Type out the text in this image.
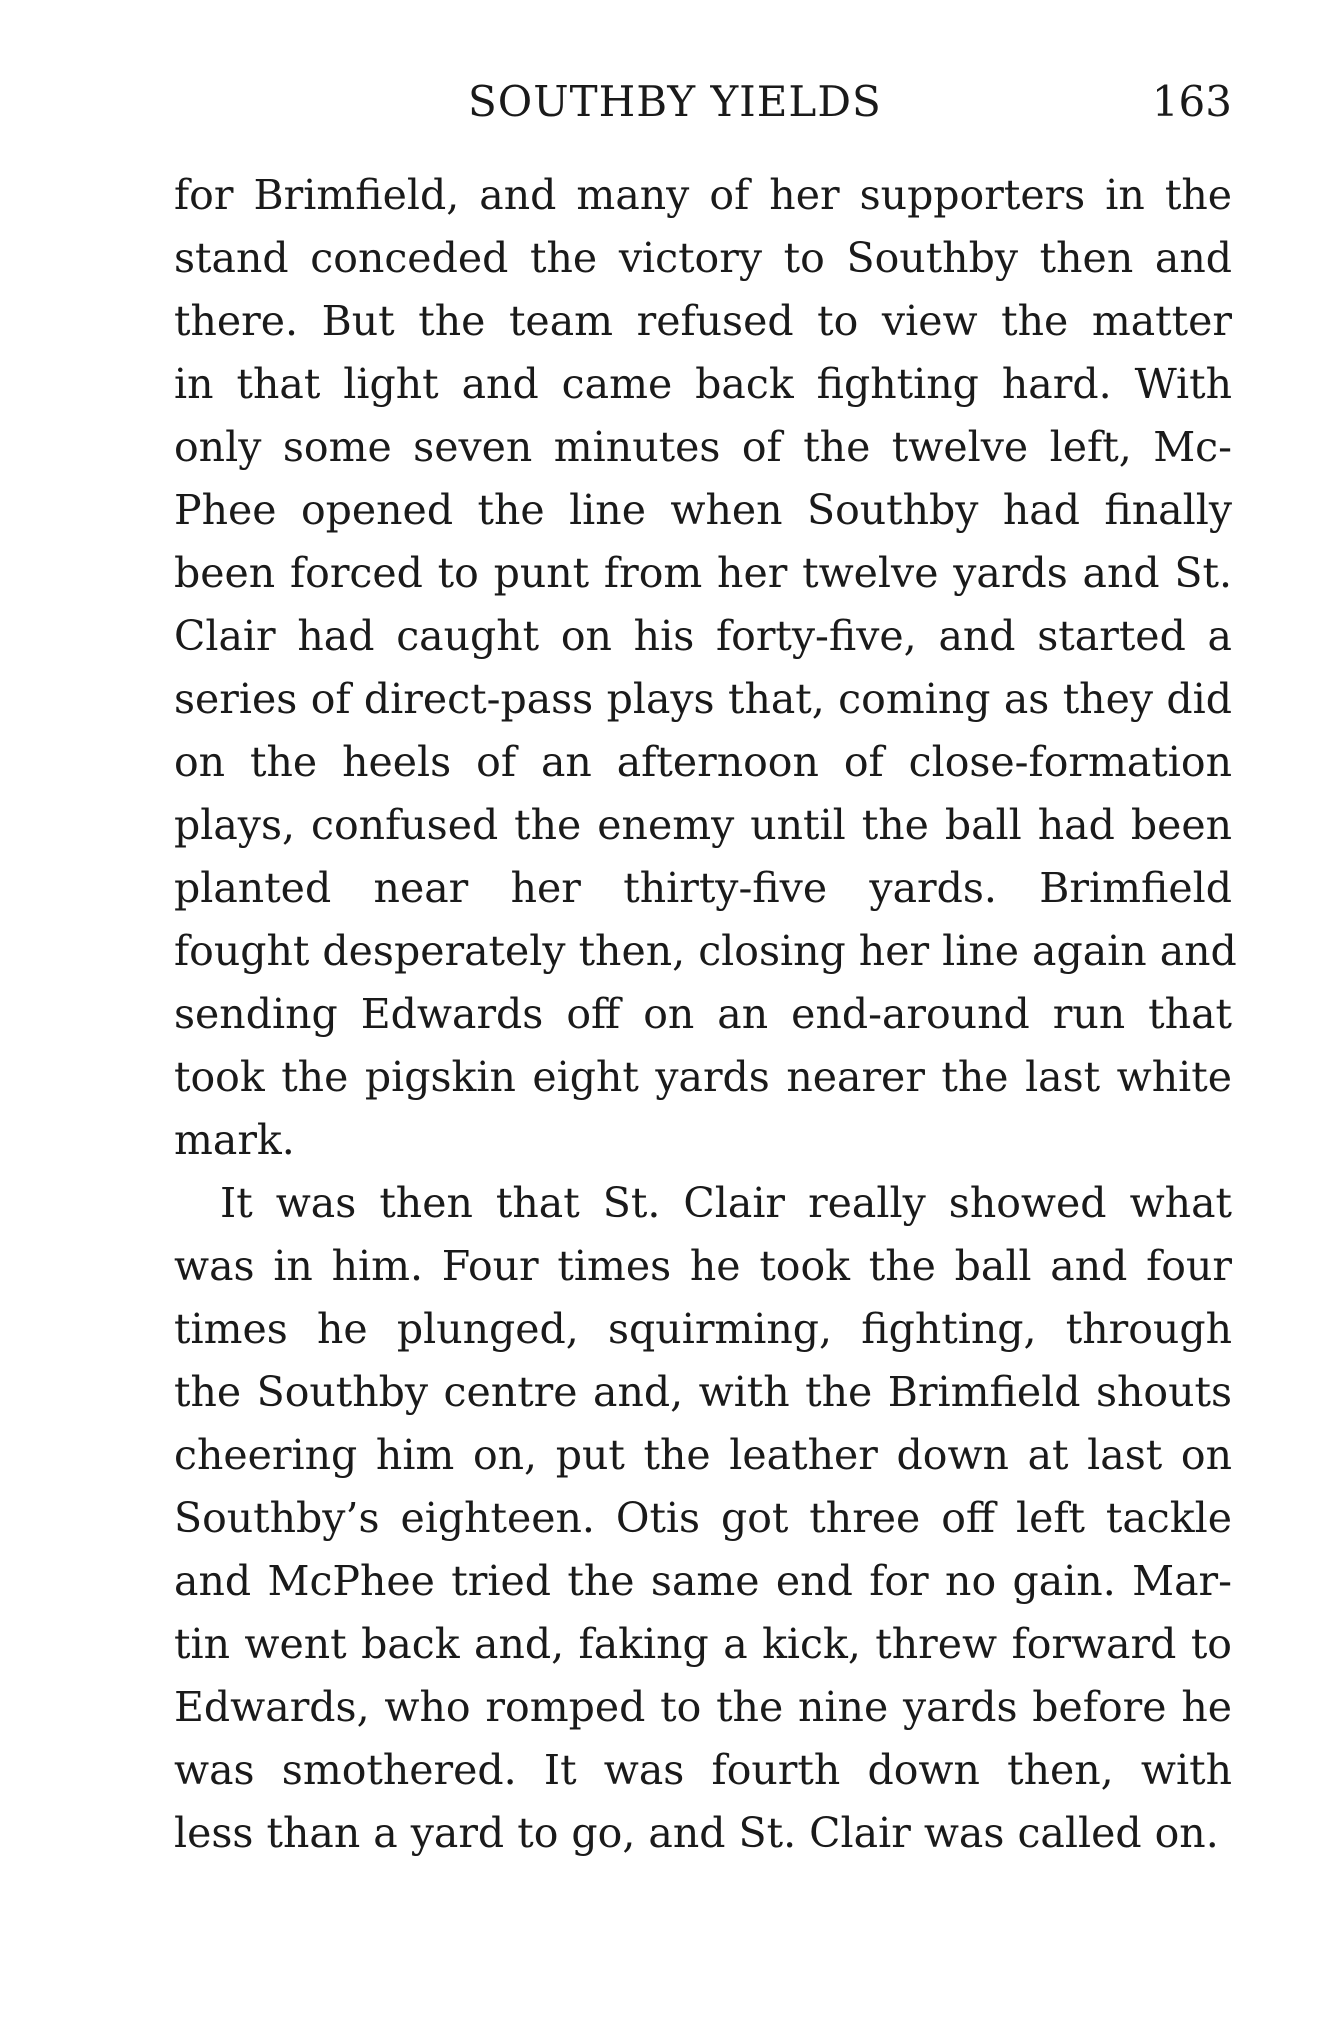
SOUTHBY YIELDS	163
for Brimfield, and many of her supporters in the
stand conceded the victory to Southby then and
there. But the team refused to view the matter
in that light and came back fighting hard. With
only some seven minutes of the twelve left, Mc-
Phee opened the line when Southby had finally
been forced to punt from her twelve yards and St.
Clair had caught on his forty-five, and started a
series of direct-pass plays that, coming as they did
on the heels of an afternoon of close-formation
plays, confused the enemy until the ball had been
planted near her thirty-five yards. Brimfield
fought desperately then, closing her line again and
sending Edwards off on an end-around run that
took the pigskin eight yards nearer the last white
mark.
It was then that St. Clair really showed what
was in him. Four times he took the ball and four
times he plunged, squirming, fighting, through
the Southby centre and, with the Brimfield shouts
cheering him on, put the leather down at last on
Southby’s eighteen. Otis got three off left tackle
and McPhee tried the same end for no gain. Mar-
tin went back and, faking a kick, threw forward to
Edwards, who romped to the nine yards before he
was smothered. It was fourth down then, with
less than a yard to go, and St. Clair was called on.
